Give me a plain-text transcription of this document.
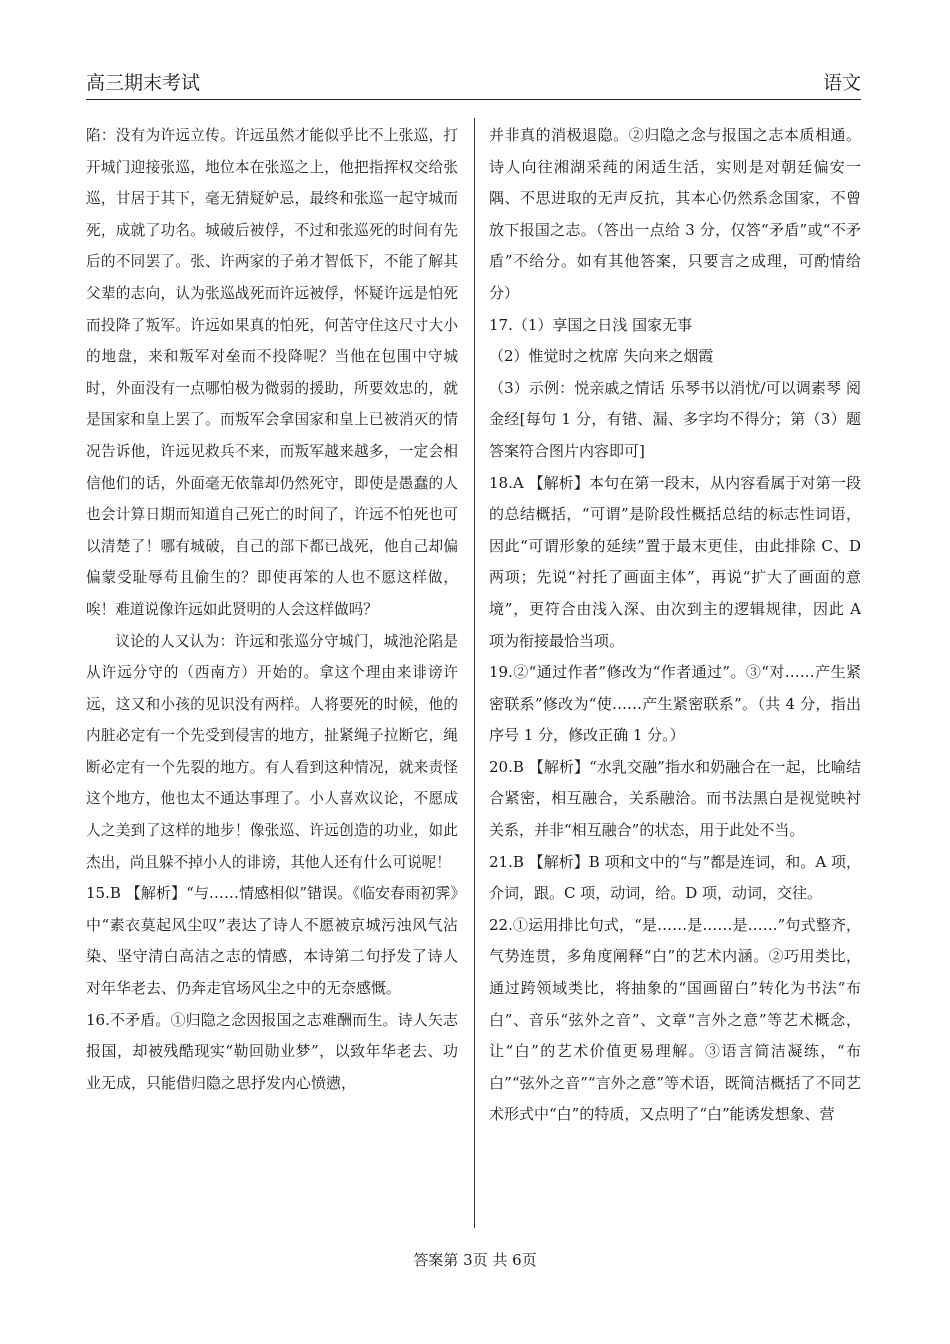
高三期末考试	语文

陷：没有为许远立传。许远虽然才能似乎比不上张巡，打开城门迎接张巡，地位本在张巡之上，他把指挥权交给张巡，甘居于其下，毫无猜疑妒忌，最终和张巡一起守城而死，成就了功名。城破后被俘，不过和张巡死的时间有先后的不同罢了。张、许两家的子弟才智低下，不能了解其父辈的志向，认为张巡战死而许远被俘，怀疑许远是怕死而投降了叛军。许远如果真的怕死，何苦守住这尺寸大小的地盘，来和叛军对垒而不投降呢？当他在包围中守城时，外面没有一点哪怕极为微弱的援助，所要效忠的，就是国家和皇上罢了。而叛军会拿国家和皇上已被消灭的情况告诉他，许远见救兵不来，而叛军越来越多，一定会相信他们的话，外面毫无依靠却仍然死守，即使是愚蠢的人也会计算日期而知道自己死亡的时间了，许远不怕死也可以清楚了！哪有城破，自己的部下都已战死，他自己却偏偏蒙受耻辱苟且偷生的？即使再笨的人也不愿这样做，唉！难道说像许远如此贤明的人会这样做吗？

议论的人又认为：许远和张巡分守城门，城池沦陷是从许远分守的（西南方）开始的。拿这个理由来诽谤许远，这又和小孩的见识没有两样。人将要死的时候，他的内脏必定有一个先受到侵害的地方，扯紧绳子拉断它，绳断必定有一个先裂的地方。有人看到这种情况，就来责怪这个地方，他也太不通达事理了。小人喜欢议论，不愿成人之美到了这样的地步！像张巡、许远创造的功业，如此杰出，尚且躲不掉小人的诽谤，其他人还有什么可说呢！

15.B 【解析】“与……情感相似”错误。《临安春雨初霁》中“素衣莫起风尘叹”表达了诗人不愿被京城污浊风气沾染、坚守清白高洁之志的情感，本诗第二句抒发了诗人对年华老去、仍奔走官场风尘之中的无奈感慨。

16.不矛盾。①归隐之念因报国之志难酬而生。诗人矢志报国，却被残酷现实“勒回勋业梦”，以致年华老去、功业无成，只能借归隐之思抒发内心愤懑，

并非真的消极退隐。②归隐之念与报国之志本质相通。诗人向往湘湖采莼的闲适生活，实则是对朝廷偏安一隅、不思进取的无声反抗，其本心仍然系念国家，不曾放下报国之志。（答出一点给 3 分，仅答“矛盾”或“不矛盾”不给分。如有其他答案，只要言之成理，可酌情给分）

17.（1）享国之日浅 国家无事

（2）惟觉时之枕席 失向来之烟霞

（3）示例：悦亲戚之情话 乐琴书以消忧/可以调素琴 阅金经[每句 1 分，有错、漏、多字均不得分；第（3）题答案符合图片内容即可]

18.A 【解析】本句在第一段末，从内容看属于对第一段的总结概括，“可谓”是阶段性概括总结的标志性词语，因此“可谓形象的延续”置于最末更佳，由此排除 C、D 两项；先说“衬托了画面主体”，再说“扩大了画面的意境”，更符合由浅入深、由次到主的逻辑规律，因此 A 项为衔接最恰当项。

19.②“通过作者”修改为“作者通过”。③“对……产生紧密联系”修改为“使……产生紧密联系”。（共 4 分，指出序号 1 分，修改正确 1 分。）

20.B 【解析】“水乳交融”指水和奶融合在一起，比喻结合紧密，相互融合，关系融洽。而书法黑白是视觉映衬关系，并非“相互融合”的状态，用于此处不当。

21.B 【解析】B 项和文中的“与”都是连词，和。A 项，介词，跟。C 项，动词，给。D 项，动词，交往。

22.①运用排比句式，“是……是……是……”句式整齐，气势连贯，多角度阐释“白”的艺术内涵。②巧用类比，通过跨领域类比，将抽象的“国画留白”转化为书法“布白”、音乐“弦外之音”、文章“言外之意”等艺术概念，让“白”的艺术价值更易理解。③语言简洁凝练，“布白”“弦外之音”“言外之意”等术语，既简洁概括了不同艺术形式中“白”的特质，又点明了“白”能诱发想象、营

答案第 3页 共 6页
